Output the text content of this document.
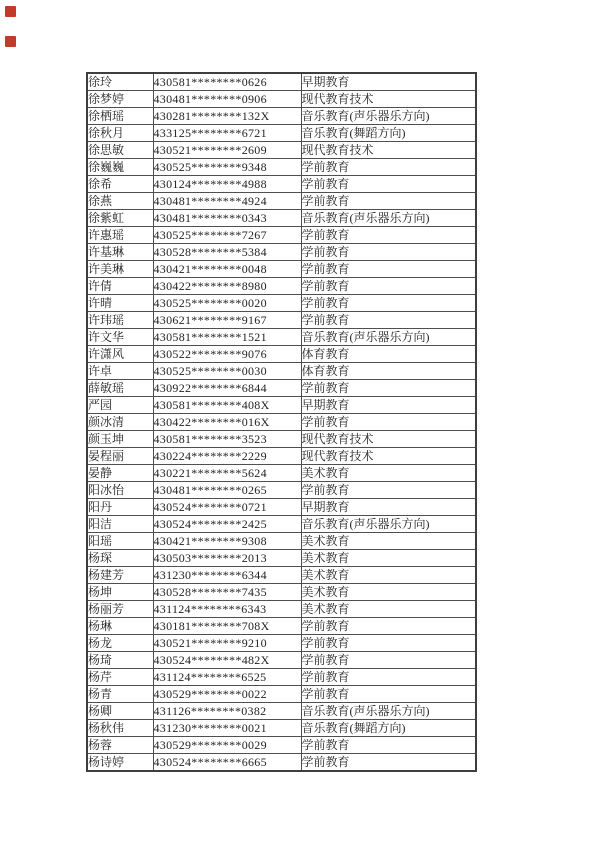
徐玲	430581********0626	早期教育
徐梦婷	430481********0906	现代教育技术
徐栖瑶	430281********132X	音乐教育(声乐器乐方向)
徐秋月	433125********6721	音乐教育(舞蹈方向)
徐思敏	430521********2609	现代教育技术
徐巍巍	430525********9348	学前教育
徐希	430124********4988	学前教育
徐燕	430481********4924	学前教育
徐紫虹	430481********0343	音乐教育(声乐器乐方向)
许惠瑶	430525********7267	学前教育
许基琳	430528********5384	学前教育
许美琳	430421********0048	学前教育
许倩	430422********8980	学前教育
许晴	430525********0020	学前教育
许玮瑶	430621********9167	学前教育
许文华	430581********1521	音乐教育(声乐器乐方向)
许潇风	430522********9076	体育教育
许卓	430525********0030	体育教育
薛敏瑶	430922********6844	学前教育
严园	430581********408X	早期教育
颜冰清	430422********016X	学前教育
颜玉坤	430581********3523	现代教育技术
晏程丽	430224********2229	现代教育技术
晏静	430221********5624	美术教育
阳冰怡	430481********0265	学前教育
阳丹	430524********0721	早期教育
阳洁	430524********2425	音乐教育(声乐器乐方向)
阳瑶	430421********9308	美术教育
杨琛	430503********2013	美术教育
杨建芳	431230********6344	美术教育
杨坤	430528********7435	美术教育
杨丽芳	431124********6343	美术教育
杨琳	430181********708X	学前教育
杨龙	430521********9210	学前教育
杨琦	430524********482X	学前教育
杨芹	431124********6525	学前教育
杨青	430529********0022	学前教育
杨卿	431126********0382	音乐教育(声乐器乐方向)
杨秋伟	431230********0021	音乐教育(舞蹈方向)
杨蓉	430529********0029	学前教育
杨诗婷	430524********6665	学前教育
